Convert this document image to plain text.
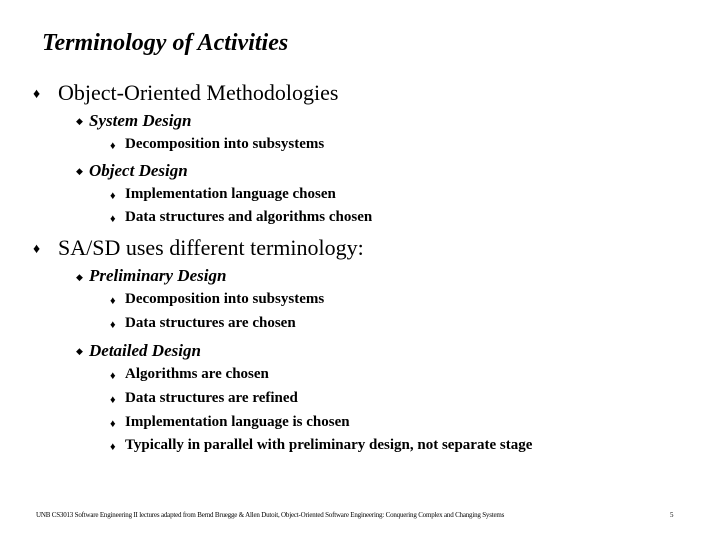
Terminology of Activities
♦ Object-Oriented Methodologies
◆ System Design
♦ Decomposition into subsystems
◆ Object Design
♦ Implementation language chosen
♦ Data structures and algorithms chosen
♦ SA/SD uses different terminology:
◆ Preliminary Design
♦ Decomposition into subsystems
♦ Data structures are chosen
◆ Detailed Design
♦ Algorithms are chosen
♦ Data structures are refined
♦ Implementation language is chosen
♦ Typically in parallel with preliminary design, not separate stage
UNB CS3013 Software Engineering II lectures adapted from Bernd Bruegge & Allen Dutoit, Object-Oriented Software Engineering: Conquering Complex and Changing Systems	5
